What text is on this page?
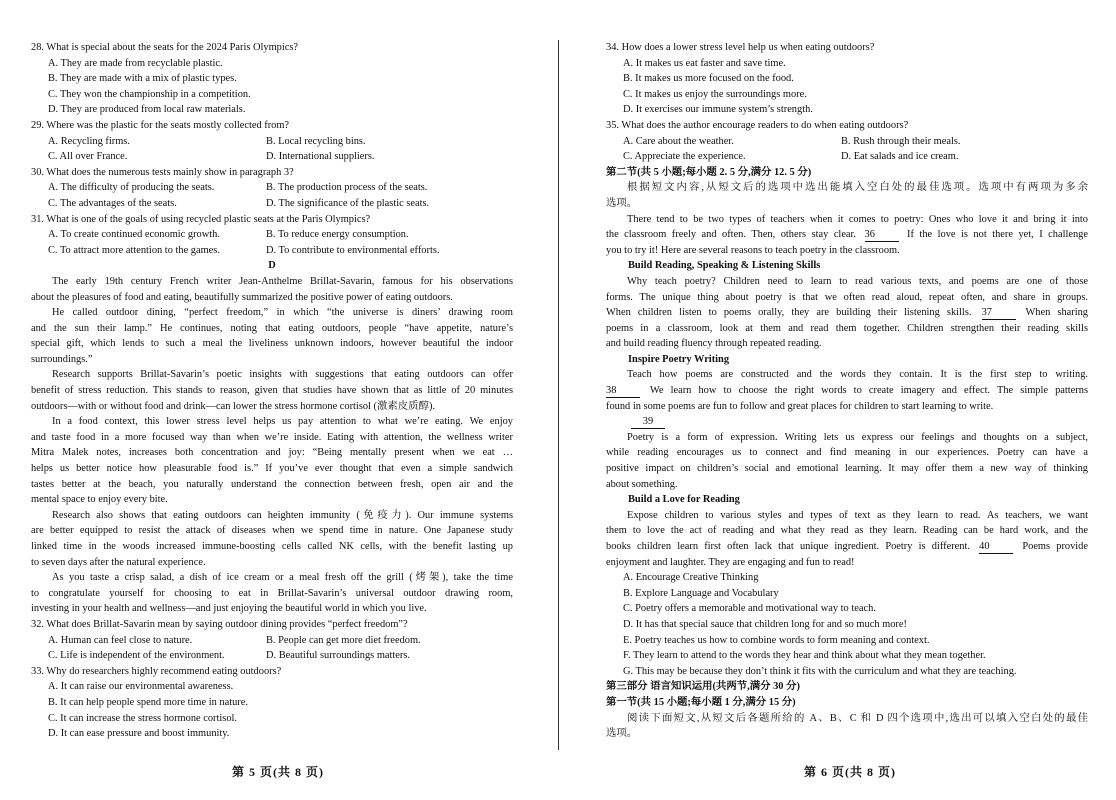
28. What is special about the seats for the 2024 Paris Olympics?
A. They are made from recyclable plastic.
B. They are made with a mix of plastic types.
C. They won the championship in a competition.
D. They are produced from local raw materials.
29. Where was the plastic for the seats mostly collected from?
A. Recycling firms.	B. Local recycling bins.
C. All over France.	D. International suppliers.
30. What does the numerous tests mainly show in paragraph 3?
A. The difficulty of producing the seats.	B. The production process of the seats.
C. The advantages of the seats.	D. The significance of the plastic seats.
31. What is one of the goals of using recycled plastic seats at the Paris Olympics?
A. To create continued economic growth.	B. To reduce energy consumption.
C. To attract more attention to the games.	D. To contribute to environmental efforts.
D
The early 19th century French writer Jean-Anthelme Brillat-Savarin, famous for his observations
about the pleasures of food and eating, beautifully summarized the positive power of eating outdoors.
He called outdoor dining, “perfect freedom,” in which “the universe is diners’ drawing room
and the sun their lamp.” He continues, noting that eating outdoors, people “have appetite, nature’s
special gift, which lends to such a meal the liveliness unknown indoors, however beautiful the indoor
surroundings.”
Research supports Brillat-Savarin’s poetic insights with suggestions that eating outdoors can offer
benefit of stress reduction. This stands to reason, given that studies have shown that as little of 20 minutes
outdoors—with or without food and drink—can lower the stress hormone cortisol (激素皮质醇).
In a food context, this lower stress level helps us pay attention to what we’re eating. We enjoy
and taste food in a more focused way than when we’re inside. Eating with attention, the wellness writer
Mitra Malek notes, increases both concentration and joy: “Being mentally present when we eat …
helps us better notice how pleasurable food is.” If you’ve ever thought that even a simple sandwich
tastes better at the beach, you naturally understand the connection between fresh, open air and the
mental space to enjoy every bite.
Research also shows that eating outdoors can heighten immunity (免疫力). Our immune systems
are better equipped to resist the attack of diseases when we spend time in nature. One Japanese study
linked time in the woods increased immune-boosting cells called NK cells, with the benefit lasting up
to seven days after the natural experience.
As you taste a crisp salad, a dish of ice cream or a meal fresh off the grill (烤架), take the time
to congratulate yourself for choosing to eat in Brillat-Savarin’s universal outdoor drawing room,
investing in your health and wellness—and just enjoying the beautiful world in which you live.
32. What does Brillat-Savarin mean by saying outdoor dining provides “perfect freedom”?
A. Human can feel close to nature.	B. People can get more diet freedom.
C. Life is independent of the environment.	D. Beautiful surroundings matters.
33. Why do researchers highly recommend eating outdoors?
A. It can raise our environmental awareness.
B. It can help people spend more time in nature.
C. It can increase the stress hormone cortisol.
D. It can ease pressure and boost immunity.
34. How does a lower stress level help us when eating outdoors?
A. It makes us eat faster and save time.
B. It makes us more focused on the food.
C. It makes us enjoy the surroundings more.
D. It exercises our immune system’s strength.
35. What does the author encourage readers to do when eating outdoors?
A. Care about the weather.	B. Rush through their meals.
C. Appreciate the experience.	D. Eat salads and ice cream.
第二节(共 5 小题;每小题 2. 5 分,满分 12. 5 分)
根据短文内容,从短文后的选项中选出能填入空白处的最佳选项。选项中有两项为多余
选项。
There tend to be two types of teachers when it comes to poetry: Ones who love it and bring it into
the classroom freely and often. Then, others stay clear. 36	If the love is not there yet, I challenge
you to try it! Here are several reasons to teach poetry in the classroom.
Build Reading, Speaking & Listening Skills
Why teach poetry? Children need to learn to read various texts, and poems are one of those
forms. The unique thing about poetry is that we often read aloud, repeat often, and share in groups.
When children listen to poems orally, they are building their listening skills. 37	When sharing
poems in a classroom, look at them and read them together. Children strengthen their reading skills
and build reading fluency through repeated reading.
Inspire Poetry Writing
Teach how poems are constructed and the words they contain. It is the first step to writing.
38	We learn how to choose the right words to create imagery and effect. The simple patterns
found in some poems are fun to follow and great places for children to start learning to write.
39
Poetry is a form of expression. Writing lets us express our feelings and thoughts on a subject,
while reading encourages us to connect and find meaning in our experiences. Poetry can have a
positive impact on children’s social and emotional learning. It may offer them a new way of thinking
about something.
Build a Love for Reading
Expose children to various styles and types of text as they learn to read. As teachers, we want
them to love the act of reading and what they read as they learn. Reading can be hard work, and the
books children learn first often lack that unique ingredient. Poetry is different. 40	Poems provide
enjoyment and laughter. They are engaging and fun to read!
A. Encourage Creative Thinking
B. Explore Language and Vocabulary
C. Poetry offers a memorable and motivational way to teach.
D. It has that special sauce that children long for and so much more!
E. Poetry teaches us how to combine words to form meaning and context.
F. They learn to attend to the words they hear and think about what they mean together.
G. This may be because they don’t think it fits with the curriculum and what they are teaching.
第三部分 语言知识运用(共两节,满分 30 分)
第一节(共 15 小题;每小题 1 分,满分 15 分)
阅读下面短文,从短文后各题所给的 A、B、C 和 D 四个选项中,选出可以填入空白处的最佳
选项。
第 5 页(共 8 页)	第 6 页(共 8 页)
